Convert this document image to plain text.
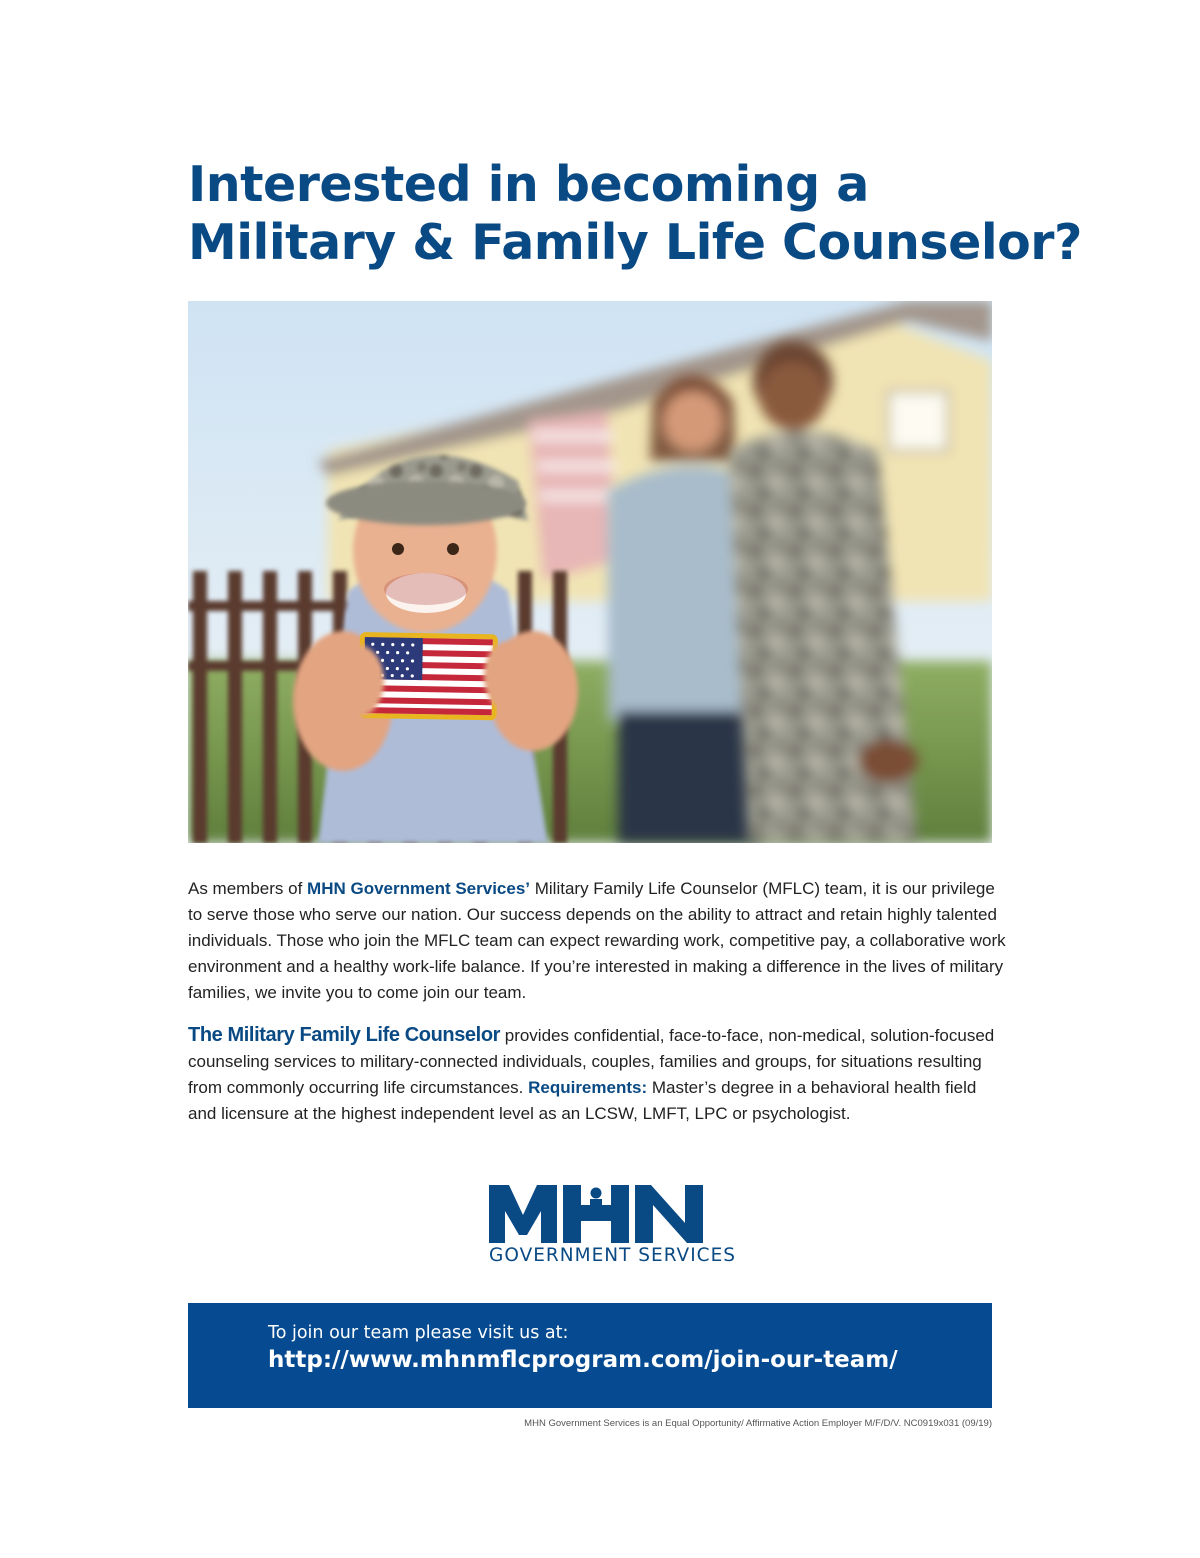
Interested in becoming a
Military & Family Life Counselor?

As members of MHN Government Services’ Military Family Life Counselor (MFLC) team, it is our privilege to serve those who serve our nation. Our success depends on the ability to attract and retain highly talented individuals. Those who join the MFLC team can expect rewarding work, competitive pay, a collaborative work environment and a healthy work-life balance. If you’re interested in making a difference in the lives of military families, we invite you to come join our team.

The Military Family Life Counselor provides confidential, face-to-face, non-medical, solution-focused counseling services to military-connected individuals, couples, families and groups, for situations resulting from commonly occurring life circumstances. Requirements: Master’s degree in a behavioral health field and licensure at the highest independent level as an LCSW, LMFT, LPC or psychologist.

GOVERNMENT SERVICES
To join our team please visit us at:
http://www.mhnmflcprogram.com/join-our-team/
MHN Government Services is an Equal Opportunity/ Affirmative Action Employer M/F/D/V. NC0919x031 (09/19)
